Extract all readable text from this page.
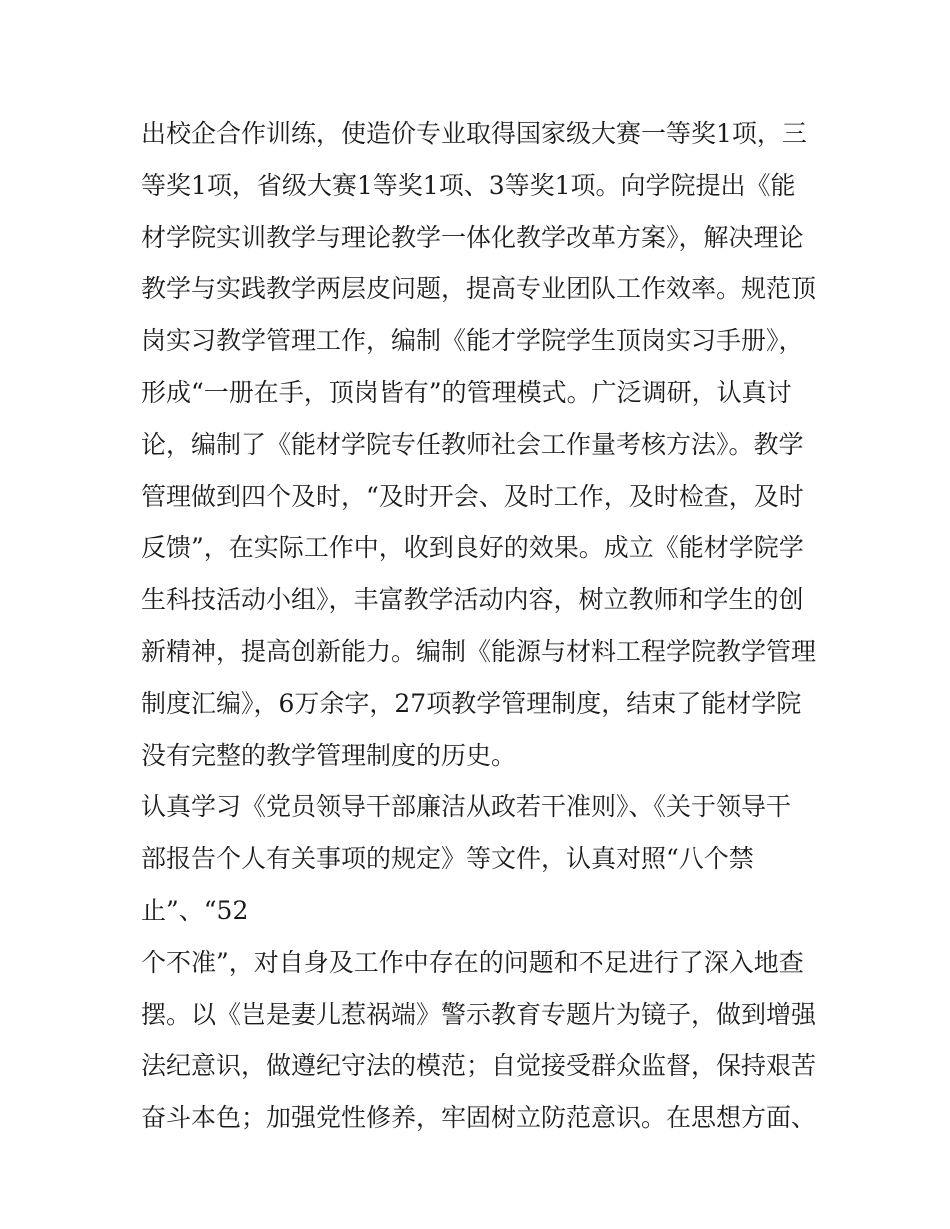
出校企合作训练，使造价专业取得国家级大赛一等奖1项，三
等奖1项，省级大赛1等奖1项、3等奖1项。向学院提出《能
材学院实训教学与理论教学一体化教学改革方案》，解决理论
教学与实践教学两层皮问题，提高专业团队工作效率。规范顶
岗实习教学管理工作，编制《能才学院学生顶岗实习手册》，
形成“一册在手，顶岗皆有”的管理模式。广泛调研，认真讨
论，编制了《能材学院专任教师社会工作量考核方法》。教学
管理做到四个及时，“及时开会、及时工作，及时检查，及时
反馈”，在实际工作中，收到良好的效果。成立《能材学院学
生科技活动小组》，丰富教学活动内容，树立教师和学生的创
新精神，提高创新能力。编制《能源与材料工程学院教学管理
制度汇编》，6万余字，27项教学管理制度，结束了能材学院
没有完整的教学管理制度的历史。
认真学习《党员领导干部廉洁从政若干准则》、《关于领导干
部报告个人有关事项的规定》等文件，认真对照“八个禁
止”、“52
个不准”，对自身及工作中存在的问题和不足进行了深入地查
摆。以《岂是妻儿惹祸端》警示教育专题片为镜子，做到增强
法纪意识，做遵纪守法的模范；自觉接受群众监督，保持艰苦
奋斗本色；加强党性修养，牢固树立防范意识。在思想方面、
